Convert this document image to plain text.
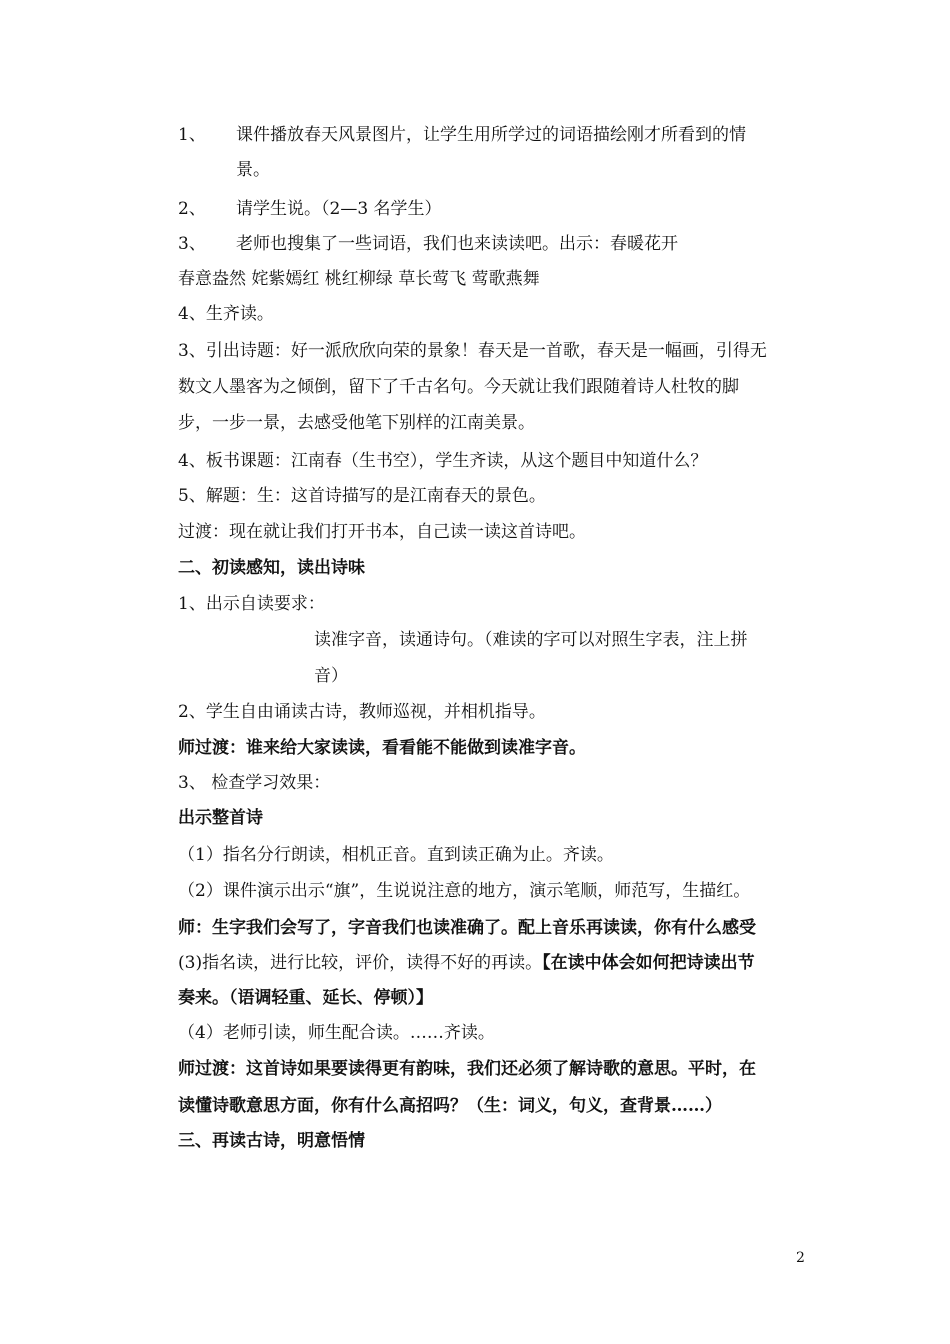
1、 课件播放春天风景图片，让学生用所学过的词语描绘刚才所看到的情
景。
2、 请学生说。（2—3 名学生）
3、 老师也搜集了一些词语，我们也来读读吧。出示：春暖花开
春意盎然 姹紫嫣红 桃红柳绿 草长莺飞 莺歌燕舞
4、生齐读。
3、引出诗题：好一派欣欣向荣的景象！春天是一首歌，春天是一幅画，引得无
数文人墨客为之倾倒，留下了千古名句。今天就让我们跟随着诗人杜牧的脚
步，一步一景，去感受他笔下别样的江南美景。
4、板书课题：江南春（生书空），学生齐读，从这个题目中知道什么？
5、解题：生：这首诗描写的是江南春天的景色。
过渡：现在就让我们打开书本，自己读一读这首诗吧。
二、初读感知，读出诗味
1、出示自读要求：
读准字音，读通诗句。（难读的字可以对照生字表，注上拼
音）
2、学生自由诵读古诗，教师巡视，并相机指导。
师过渡：谁来给大家读读，看看能不能做到读准字音。
3、 检查学习效果：
出示整首诗
（1）指名分行朗读，相机正音。直到读正确为止。齐读。
（2）课件演示出示“旗”，生说说注意的地方，演示笔顺，师范写，生描红。
师：生字我们会写了，字音我们也读准确了。配上音乐再读读，你有什么感受
(3)指名读，进行比较，评价，读得不好的再读。【在读中体会如何把诗读出节
奏来。（语调轻重、延长、停顿）】
（4）老师引读，师生配合读。……齐读。
师过渡：这首诗如果要读得更有韵味，我们还必须了解诗歌的意思。平时，在
读懂诗歌意思方面，你有什么高招吗？（生：词义，句义，查背景……）
三、再读古诗，明意悟情
2
